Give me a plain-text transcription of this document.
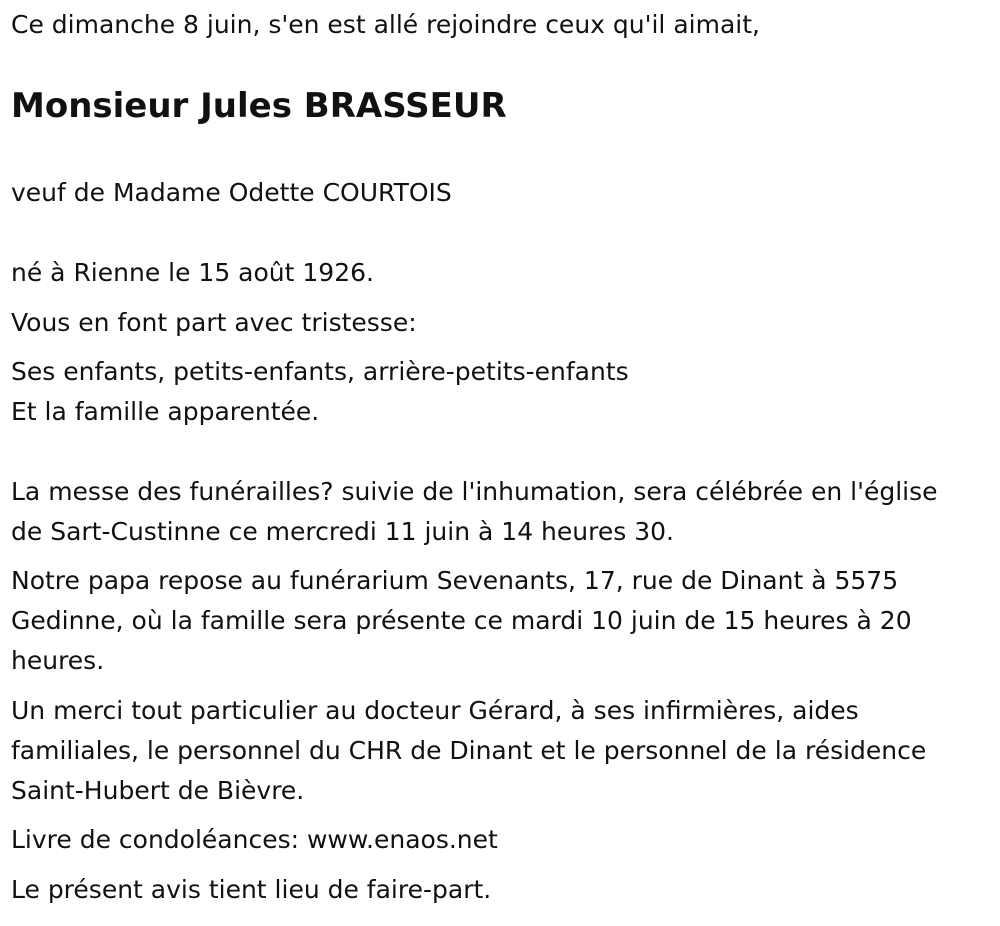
Ce dimanche 8 juin, s'en est allé rejoindre ceux qu'il aimait,

Monsieur Jules BRASSEUR

veuf de Madame Odette COURTOIS

né à Rienne le 15 août 1926.

Vous en font part avec tristesse:

Ses enfants, petits-enfants, arrière-petits-enfants

Et la famille apparentée.

La messe des funérailles? suivie de l'inhumation, sera célébrée en l'église

de Sart-Custinne ce mercredi 11 juin à 14 heures 30.

Notre papa repose au funérarium Sevenants, 17, rue de Dinant à 5575

Gedinne, où la famille sera présente ce mardi 10 juin de 15 heures à 20

heures.

Un merci tout particulier au docteur Gérard, à ses infirmières, aides

familiales, le personnel du CHR de Dinant et le personnel de la résidence

Saint-Hubert de Bièvre.

Livre de condoléances: www.enaos.net

Le présent avis tient lieu de faire-part.
